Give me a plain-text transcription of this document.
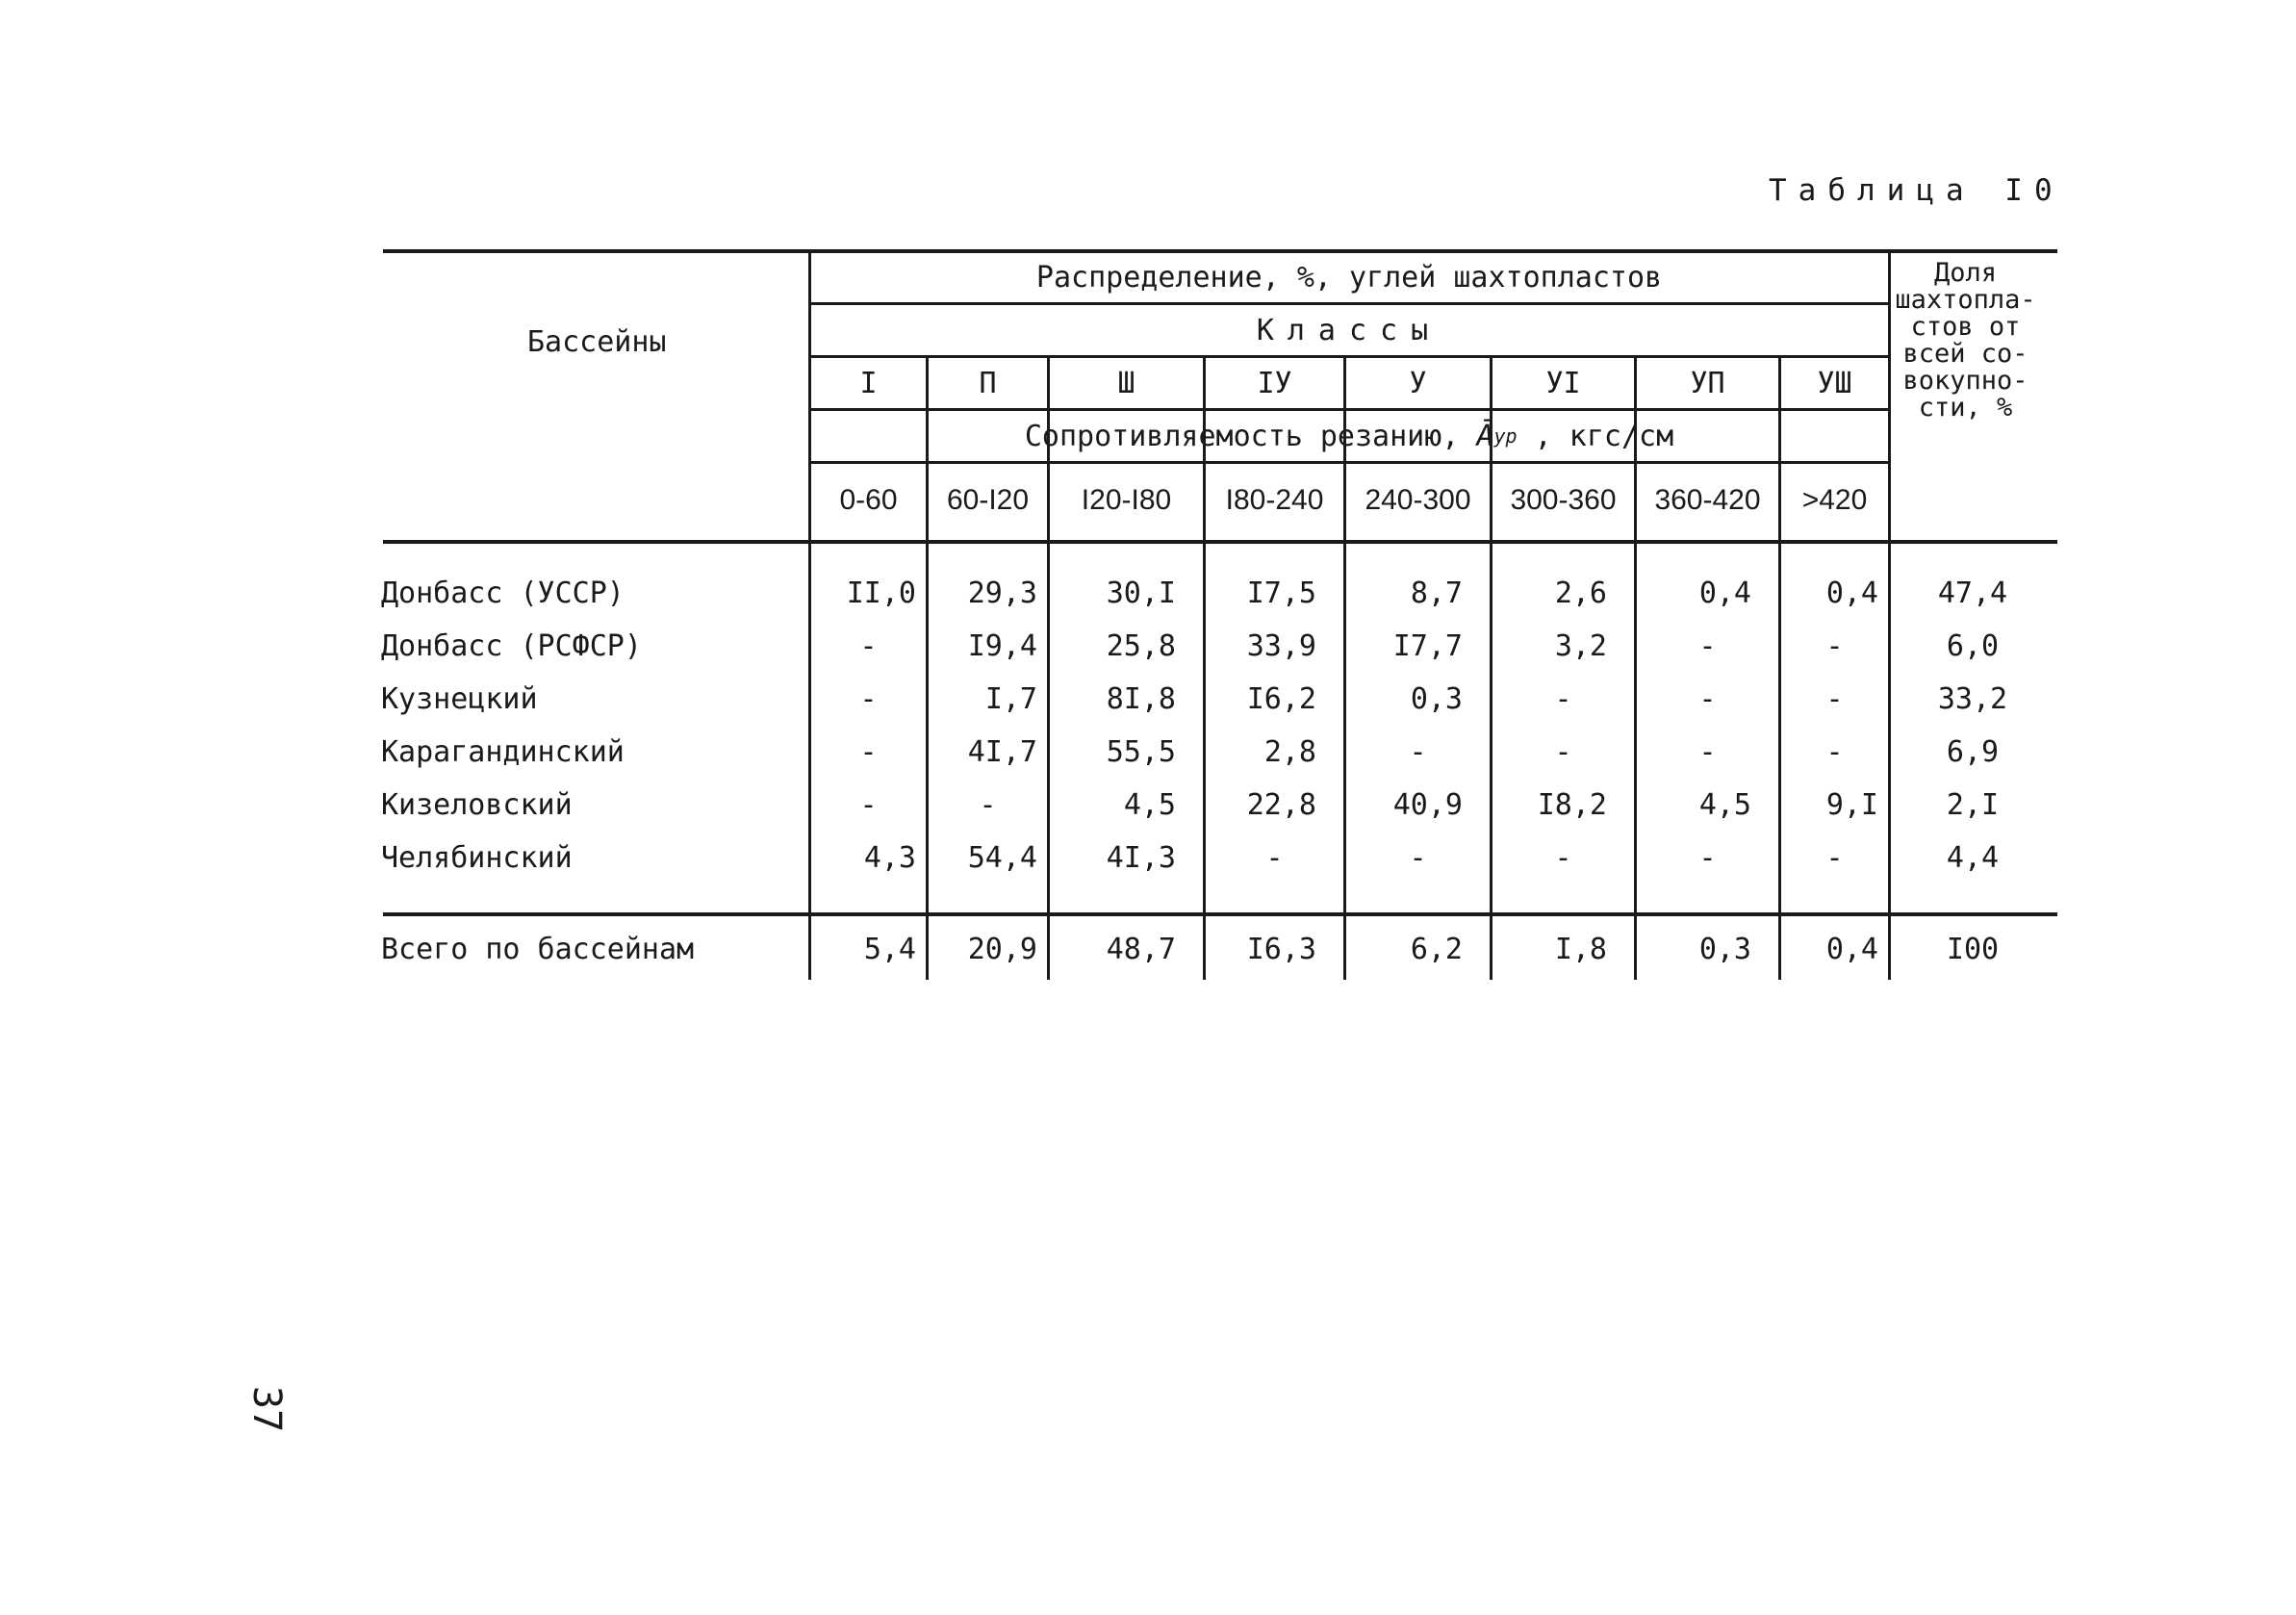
Таблица I0
Бассейны
Распределение, %, углей шахтопластов
Классы
I	П	Ш	IУ	У	УI	УП	УШ
Сопротивляемость резанию,
Ā ур
, кгс/см
0-60	60-I20	I20-I80	I80-240	240-300	300-360	360-420	>420
Доля
шахтопла-
стов от
всей со-
вокупно-
сти, %
Донбасс (УССР)	II,0	29,3	30,I	I7,5	8,7	2,6	0,4	0,4	47,4
Донбасс (РСФСР)	-	I9,4	25,8	33,9	I7,7	3,2	-	-	6,0
Кузнецкий	-	I,7	8I,8	I6,2	0,3	-	-	-	33,2
Карагандинский	-	4I,7	55,5	2,8	-	-	-	-	6,9
Кизеловский	-	-	4,5	22,8	40,9	I8,2	4,5	9,I	2,I
Челябинский	4,3	54,4	4I,3	-	-	-	-	-	4,4
Всего по бассейнам	5,4	20,9	48,7	I6,3	6,2	I,8	0,3	0,4	I00
37
